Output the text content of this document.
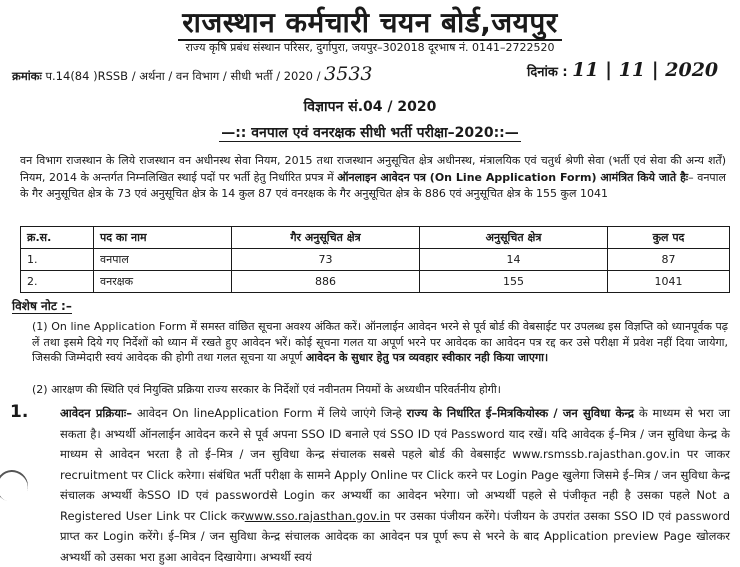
राजस्थान कर्मचारी चयन बोर्ड,जयपुर
राज्य कृषि प्रबंध संस्थान परिसर, दुर्गापुरा, जयपुर–302018 दूरभाष नं. 0141–2722520
क्रमांकः प.14(84 )RSSB / अर्थना / वन विभाग / सीधी भर्ती / 2020 / 3533	दिनांक : 11 | 11 | 2020
विज्ञापन सं.04 / 2020
—:: वनपाल एवं वनरक्षक सीधी भर्ती परीक्षा–2020::—
वन विभाग राजस्थान के लिये राजस्थान वन अधीनस्थ सेवा नियम, 2015 तथा राजस्थान अनुसूचित क्षेत्र अधीनस्थ, मंत्रालयिक एवं चतुर्थ श्रेणी सेवा (भर्ती एवं सेवा की अन्य शर्तें) नियम, 2014 के अन्तर्गत निम्नलिखित स्थाई पदों पर भर्ती हेतु निर्धारित प्रपत्र में ऑनलाइन आवेदन पत्र (On Line Application Form) आमंत्रित किये जाते हैः– वनपाल के गैर अनुसूचित क्षेत्र के 73 एवं अनुसूचित क्षेत्र के 14 कुल 87 एवं वनरक्षक के गैर अनुसूचित क्षेत्र के 886 एवं अनुसूचित क्षेत्र के 155 कुल 1041
क्र.स.	पद का नाम	गैर अनुसूचित क्षेत्र	अनुसूचित क्षेत्र	कुल पद
1.	वनपाल	73	14	87
2.	वनरक्षक	886	155	1041
विशेष नोट :–
(1) On line Application Form में समस्त वांछित सूचना अवश्य अंकित करें। ऑनलाईन आवेदन भरने से पूर्व बोर्ड की वेबसाईट पर उपलब्ध इस विज्ञप्ति को ध्यानपूर्वक पढ़ लें तथा इसमे दिये गए निर्देशों को ध्यान में रखते हुए आवेदन भरें। कोई सूचना गलत या अपूर्ण भरने पर आवेदक का आवेदन पत्र रद्द कर उसे परीक्षा में प्रवेश नहीं दिया जायेगा, जिसकी जिम्मेदारी स्वयं आवेदक की होगी तथा गलत सूचना या अपूर्ण आवेदन के सुधार हेतु पत्र व्यवहार स्वीकार नही किया जाएगा।
(2) आरक्षण की स्थिति एवं नियुक्ति प्रक्रिया राज्य सरकार के निर्देशों एवं नवीनतम नियमों के अध्यधीन परिवर्तनीय होगी।
1.	आवेदन प्रक्रियाः– आवेदन On lineApplication Form में लिये जाएंगे जिन्हे राज्य के निर्धारित ई–मित्रकियोस्क / जन सुविधा केन्द्र के माध्यम से भरा जा सकता है। अभ्यर्थी ऑनलाईन आवेदन करने से पूर्व अपना SSO ID बनाले एवं SSO ID एवं Password याद रखें। यदि आवेदक ई–मित्र / जन सुविधा केन्द्र के माध्यम से आवेदन भरता है तो ई–मित्र / जन सुविधा केन्द्र संचालक सबसे पहले बोर्ड की वेबसाईट www.rsmssb.rajasthan.gov.in पर जाकर recruitment पर Click करेगा। संबंधित भर्ती परीक्षा के सामने Apply Online पर Click करने पर Login Page खुलेगा जिसमे ई–मित्र / जन सुविधा केन्द्र संचालक अभ्यर्थी केSSO ID एवं passwordसे Login कर अभ्यर्थी का आवेदन भरेगा। जो अभ्यर्थी पहले से पंजीकृत नही है उसका पहले Not a Registered User Link पर Click करwww.sso.rajasthan.gov.in पर उसका पंजीयन करेंगे। पंजीयन के उपरांत उसका SSO ID एवं password प्राप्त कर Login करेंगे। ई–मित्र / जन सुविधा केन्द्र संचालक आवेदक का आवेदन पत्र पूर्ण रूप से भरने के बाद Application preview Page खोलकर अभ्यर्थी को उसका भरा हुआ आवेदन दिखायेगा। अभ्यर्थी स्वयं
